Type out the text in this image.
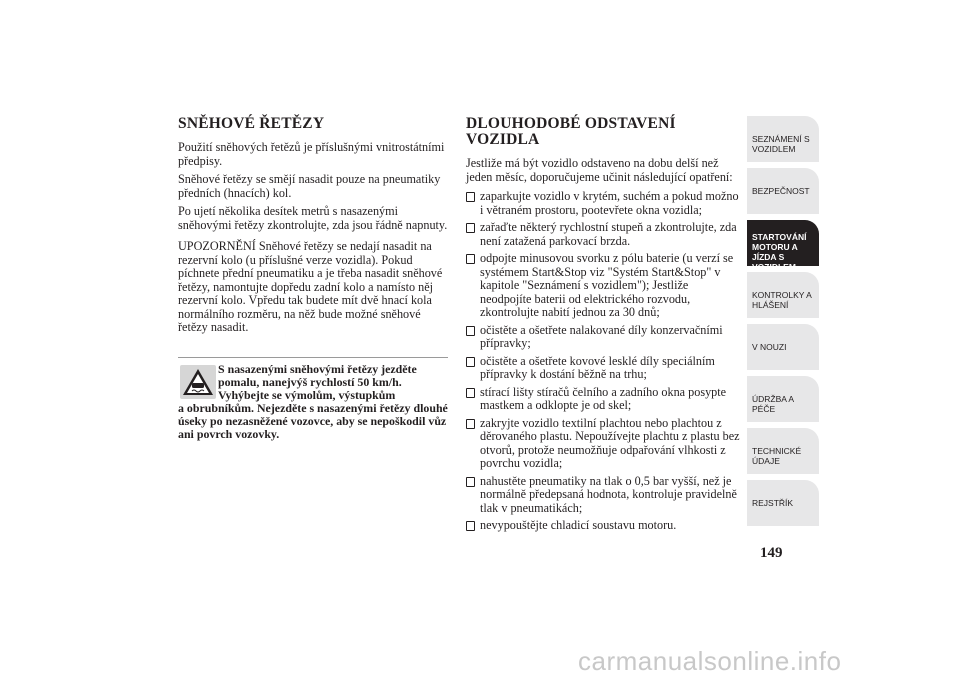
SNĚHOVÉ ŘETĚZY

Použití sněhových řetězů je příslušnými vnitrostátními předpisy.

Sněhové řetězy se smějí nasadit pouze na pneumatiky předních (hnacích) kol.

Po ujetí několika desítek metrů s nasazenými sněhovými řetězy zkontrolujte, zda jsou řádně napnuty.

UPOZORNĚNÍ Sněhové řetězy se nedají nasadit na rezervní kolo (u příslušné verze vozidla). Pokud píchnete přední pneumatiku a je třeba nasadit sněhové řetězy, namontujte dopředu zadní kolo a namísto něj rezervní kolo. Vpředu tak budete mít dvě hnací kola normálního rozměru, na něž bude možné sněhové řetězy nasadit.

S nasazenými sněhovými řetězy jezděte pomalu, nanejvýš rychlostí 50 km/h. Vyhýbejte se výmolům, výstupkům
a obrubníkům. Nejezděte s nasazenými řetězy dlouhé úseky po nezasněžené vozovce, aby se nepoškodil vůz ani povrch vozovky.

DLOUHODOBÉ ODSTAVENÍ
VOZIDLA

Jestliže má být vozidlo odstaveno na dobu delší než jeden měsíc, doporučujeme učinit následující opatření:

zaparkujte vozidlo v krytém, suchém a pokud možno i větraném prostoru, pootevřete okna vozidla;
zařaďte některý rychlostní stupeň a zkontrolujte, zda není zatažená parkovací brzda.
odpojte minusovou svorku z pólu baterie (u verzí se systémem Start&Stop viz "Systém Start&Stop" v kapitole "Seznámení s vozidlem"); Jestliže neodpojíte baterii od elektrického rozvodu, zkontrolujte nabití jednou za 30 dnů;
očistěte a ošetřete nalakované díly konzervačními přípravky;
očistěte a ošetřete kovové lesklé díly speciálním přípravky k dostání běžně na trhu;
stírací lišty stíračů čelního a zadního okna posypte mastkem a odklopte je od skel;
zakryjte vozidlo textilní plachtou nebo plachtou z děrovaného plastu. Nepoužívejte plachtu z plastu bez otvorů, protože neumožňuje odpařování vlhkosti z povrchu vozidla;
nahustěte pneumatiky na tlak o 0,5 bar vyšší, než je normálně předepsaná hodnota, kontroluje pravidelně tlak v pneumatikách;
nevypouštějte chladicí soustavu motoru.
SEZNÁMENÍ S VOZIDLEM
BEZPEČNOST
STARTOVÁNÍ MOTORU A JÍZDA S VOZIDLEM
KONTROLKY A HLÁŠENÍ
V NOUZI
ÚDRŽBA A PÉČE
TECHNICKÉ ÚDAJE
REJSTŘÍK
149
carmanualsonline.info
